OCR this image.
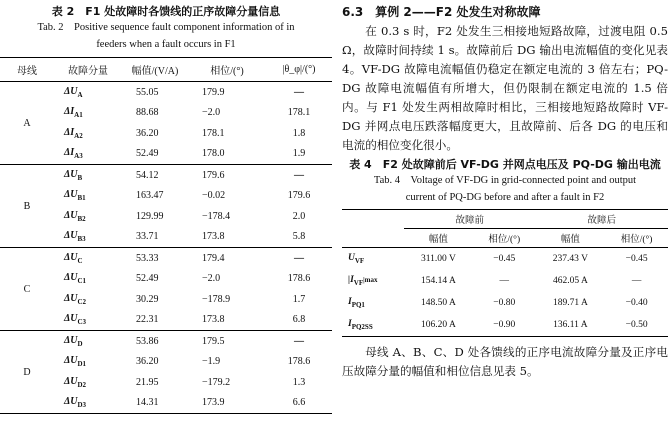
表 2　F1 处故障时各馈线的正序故障分量信息
Tab. 2　Positive sequence fault component information of in
feeders when a fault occurs in F1
母线	故障分量	幅值/(V/A)	相位/(°)	|θ_φ|/(°)
A	$\Delta U_A$	55.05	179.9	—
	$\Delta I_{A1}$	88.68	−2.0	178.1
	$\Delta I_{A2}$	36.20	178.1	1.8
	$\Delta I_{A3}$	52.49	178.0	1.9
B	$\Delta U_B$	54.12	179.6	—
	$\Delta U_{B1}$	163.47	−0.02	179.6
	$\Delta U_{B2}$	129.99	−178.4	2.0
	$\Delta U_{B3}$	33.71	173.8	5.8
C	$\Delta U_C$	53.33	179.4	—
	$\Delta U_{C1}$	52.49	−2.0	178.6
	$\Delta U_{C2}$	30.29	−178.9	1.7
	$\Delta U_{C3}$	22.31	173.8	6.8
D	$\Delta U_D$	53.86	179.5	—
	$\Delta U_{D1}$	36.20	−1.9	178.6
	$\Delta U_{D2}$	21.95	−179.2	1.3
	$\Delta U_{D3}$	14.31	173.9	6.6
6.3　算例 2——F2 处发生对称故障

在 0.3 s 时，F2 处发生三相接地短路故障，过渡电阻 0.5 Ω，故障时间持续 1 s。故障前后 DG 输出电流幅值的变化见表 4。VF-DG 故障电流幅值仍稳定在额定电流的 3 倍左右；PQ-DG 故障电流幅值有所增大，但仍限制在额定电流的 1.5 倍内。与 F1 处发生两相故障时相比，三相接地短路故障时 VF-DG 并网点电压跌落幅度更大，且故障前、后各 DG 的电压和电流的相位变化很小。

表 4　F2 处故障前后 VF-DG 并网点电压及 PQ-DG 输出电流
Tab. 4　Voltage of VF-DG in grid-connected point and output
current of PQ-DG before and after a fault in F2
	故障前		故障后	
	幅值	相位/(°)	幅值	相位/(°)
$U_{VF}$	311.00 V	−0.45	237.43 V	−0.45
$|I_{VF}|\max$	154.14 A	—	462.05 A	—
$I_{PQ1}$	148.50 A	−0.80	189.71 A	−0.40
$I_{PQ2SS}$	106.20 A	−0.90	136.11 A	−0.50

母线 A、B、C、D 处各馈线的正序电流故障分量及正序电压故障分量的幅值和相位信息见表 5。
